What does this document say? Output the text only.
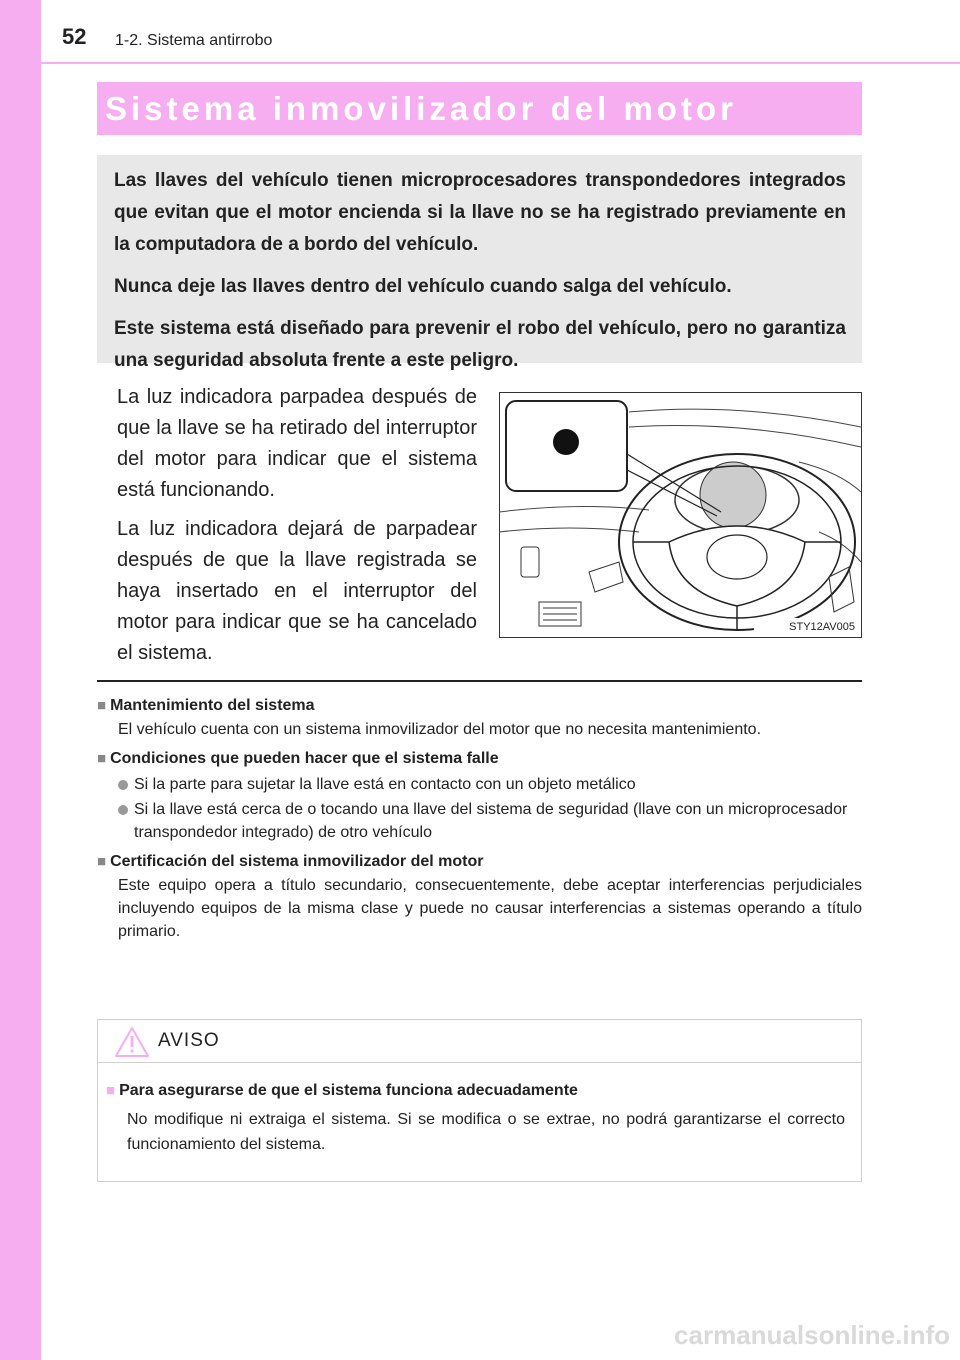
52 1-2. Sistema antirrobo
Sistema inmovilizador del motor

Las llaves del vehículo tienen microprocesadores transpondedores integrados que evitan que el motor encienda si la llave no se ha registrado previamente en la computadora de a bordo del vehículo.

Nunca deje las llaves dentro del vehículo cuando salga del vehículo.

Este sistema está diseñado para prevenir el robo del vehículo, pero no garantiza una seguridad absoluta frente a este peligro.

La luz indicadora parpadea después de que la llave se ha retirado del interruptor del motor para indicar que el sistema está funcionando.

La luz indicadora dejará de parpadear después de que la llave registrada se haya insertado en el interruptor del motor para indicar que se ha cancelado el sistema.

STY12AV005
■ Mantenimiento del sistema
El vehículo cuenta con un sistema inmovilizador del motor que no necesita mantenimiento.
■ Condiciones que pueden hacer que el sistema falle
Si la parte para sujetar la llave está en contacto con un objeto metálico
Si la llave está cerca de o tocando una llave del sistema de seguridad (llave con un microprocesador transpondedor integrado) de otro vehículo
■ Certificación del sistema inmovilizador del motor
Este equipo opera a título secundario, consecuentemente, debe aceptar interferencias perjudiciales incluyendo equipos de la misma clase y puede no causar interferencias a sistemas operando a título primario.
AVISO
■ Para asegurarse de que el sistema funciona adecuadamente
No modifique ni extraiga el sistema. Si se modifica o se extrae, no podrá garantizarse el correcto funcionamiento del sistema.
carmanualsonline.info
